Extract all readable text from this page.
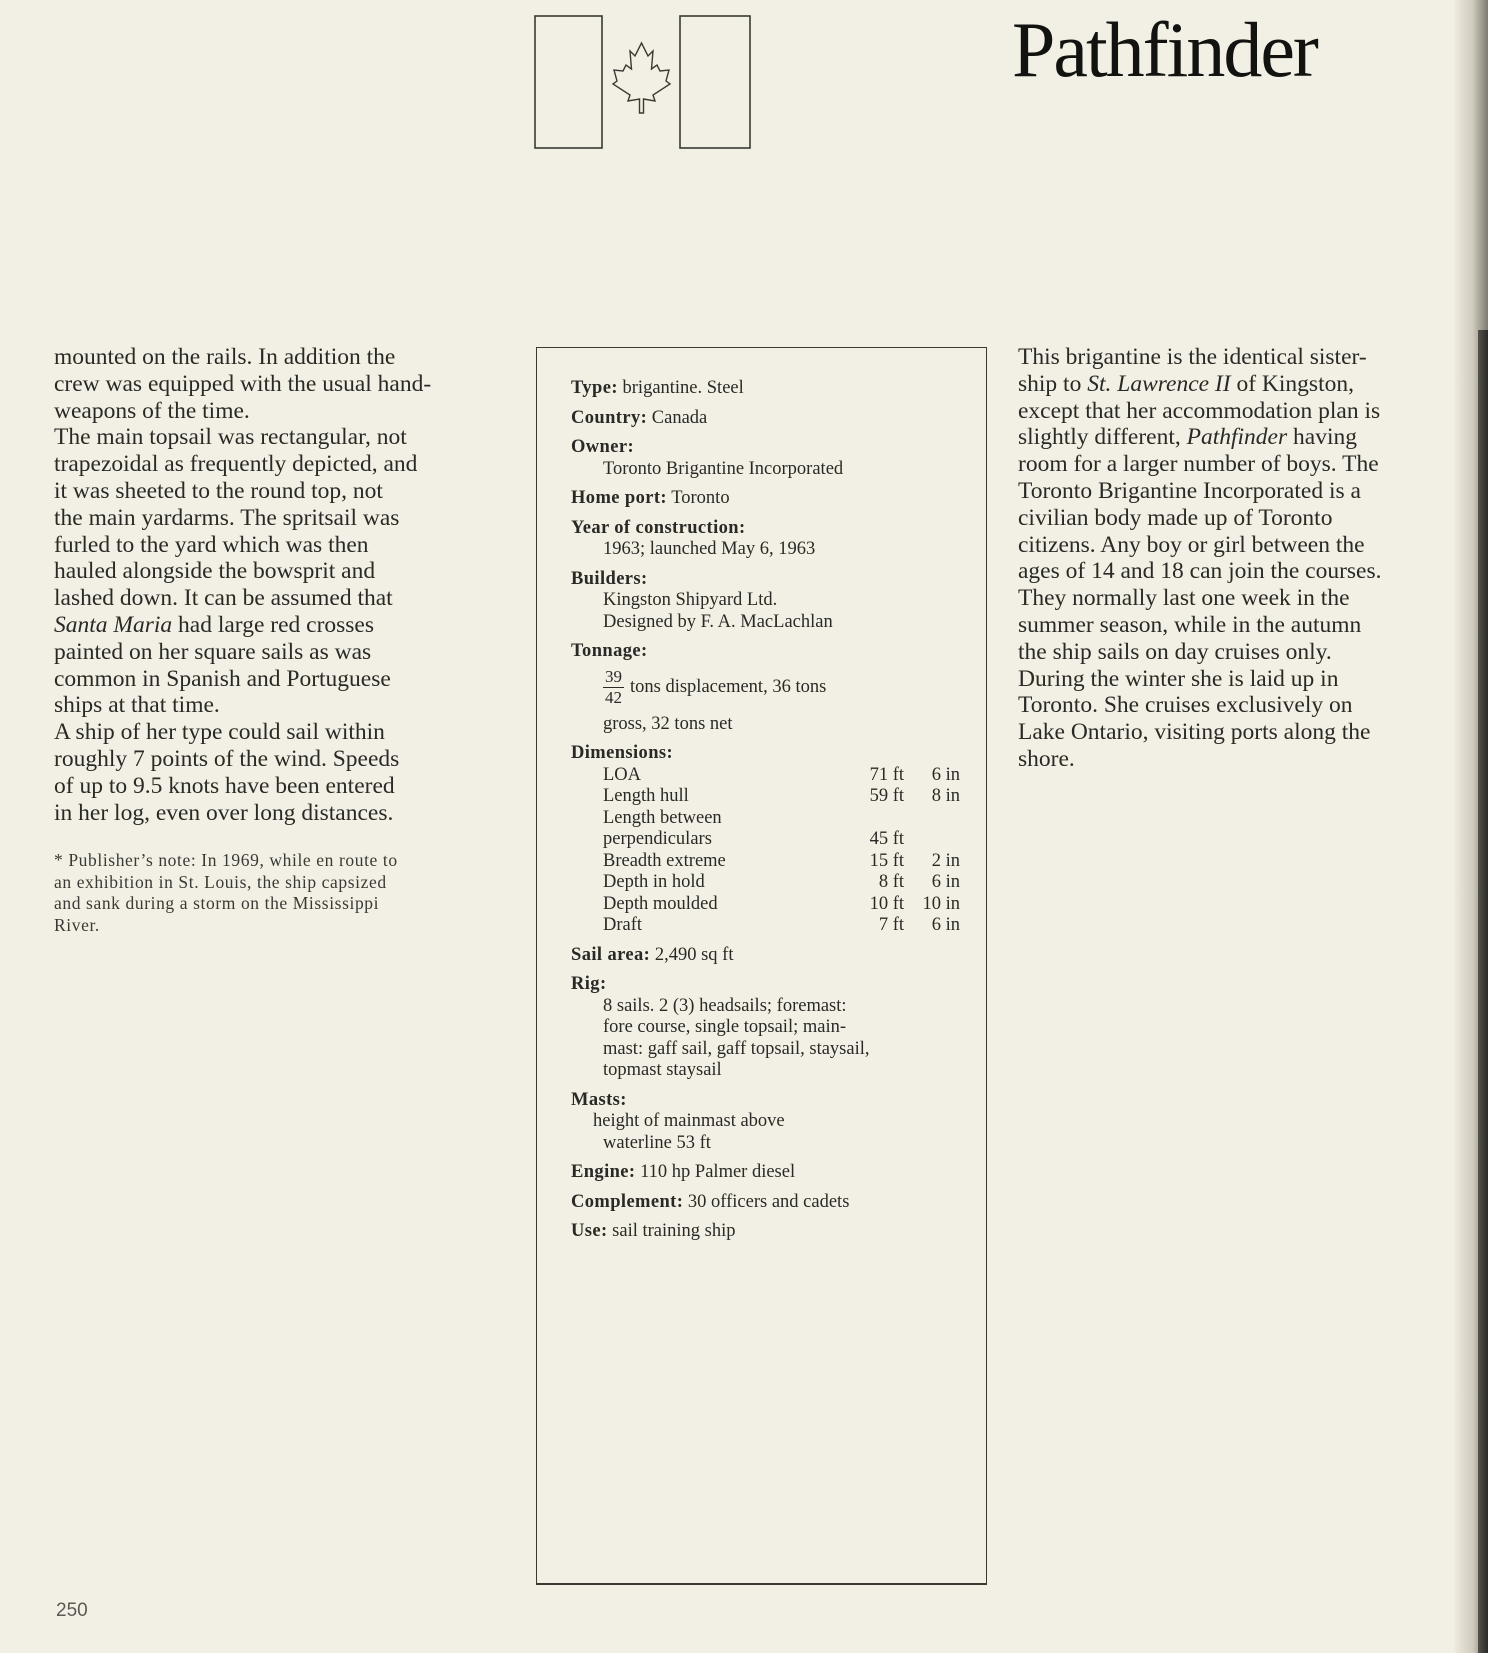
Pathfinder
mounted on the rails. In addition the
crew was equipped with the usual hand-
weapons of the time.
The main topsail was rectangular, not
trapezoidal as frequently depicted, and
it was sheeted to the round top, not
the main yardarms. The spritsail was
furled to the yard which was then
hauled alongside the bowsprit and
lashed down. It can be assumed that
Santa Maria had large red crosses
painted on her square sails as was
common in Spanish and Portuguese
ships at that time.
A ship of her type could sail within
roughly 7 points of the wind. Speeds
of up to 9.5 knots have been entered
in her log, even over long distances.
* Publisher’s note: In 1969, while en route to
an exhibition in St. Louis, the ship capsized
and sank during a storm on the Mississippi
River.
Type: brigantine. Steel
Country: Canada
Owner:
Toronto Brigantine Incorporated
Home port: Toronto
Year of construction:
1963; launched May 6, 1963
Builders:
Kingston Shipyard Ltd.
Designed by F. A. MacLachlan
Tonnage:
$\frac{39}{42}$ tons displacement, 36 tons
gross, 32 tons net
Dimensions:
LOA	71 ft	6 in
Length hull	59 ft	8 in
Length between
perpendiculars	45 ft
Breadth extreme	15 ft	2 in
Depth in hold	8 ft	6 in
Depth moulded	10 ft 10 in
Draft	7 ft	6 in
Sail area: 2,490 sq ft
Rig:
8 sails. 2 (3) headsails; foremast:
fore course, single topsail; main-
mast: gaff sail, gaff topsail, staysail,
topmast staysail
Masts:
height of mainmast above
waterline 53 ft
Engine: 110 hp Palmer diesel
Complement: 30 officers and cadets
Use: sail training ship
This brigantine is the identical sister-
ship to St. Lawrence II of Kingston,
except that her accommodation plan is
slightly different, Pathfinder having
room for a larger number of boys. The
Toronto Brigantine Incorporated is a
civilian body made up of Toronto
citizens. Any boy or girl between the
ages of 14 and 18 can join the courses.
They normally last one week in the
summer season, while in the autumn
the ship sails on day cruises only.
During the winter she is laid up in
Toronto. She cruises exclusively on
Lake Ontario, visiting ports along the
shore.
250
